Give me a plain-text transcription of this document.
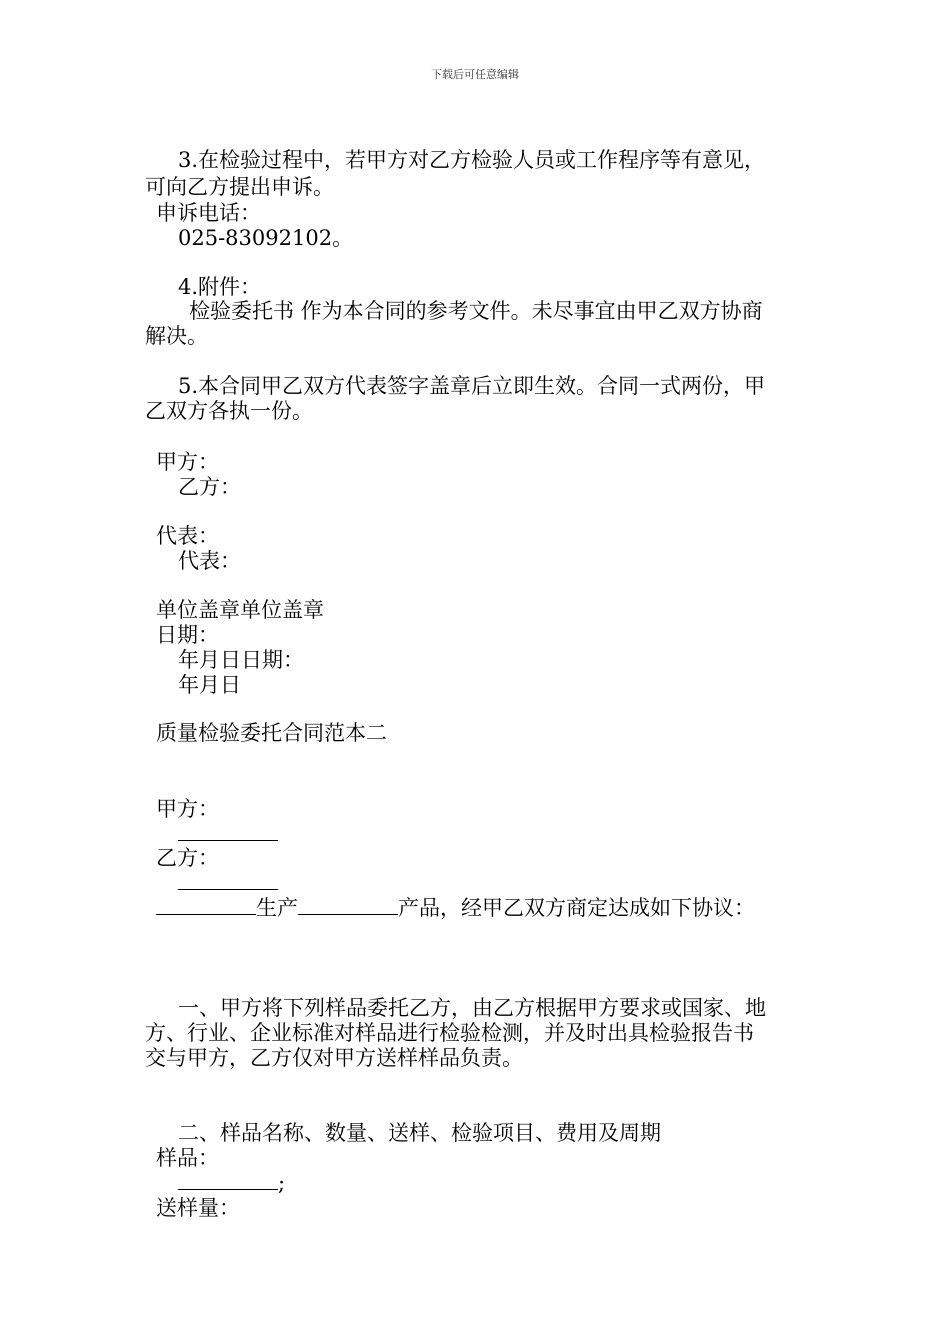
下载后可任意编辑
3.在检验过程中，若甲方对乙方检验人员或工作程序等有意见，
可向乙方提出申诉。
申诉电话：
025-83092102。
4.附件：
检验委托书 作为本合同的参考文件。未尽事宜由甲乙双方协商
解决。
5.本合同甲乙双方代表签字盖章后立即生效。合同一式两份，甲
乙双方各执一份。
甲方：
乙方：
代表：
代表：
单位盖章单位盖章
日期：
年月日日期：
年月日
质量检验委托合同范本二
甲方：
乙方：
生产	产品，经甲乙双方商定达成如下协议：
一、甲方将下列样品委托乙方，由乙方根据甲方要求或国家、地
方、行业、企业标准对样品进行检验检测，并及时出具检验报告书
交与甲方，乙方仅对甲方送样样品负责。
二、样品名称、数量、送样、检验项目、费用及周期
样品：
;
送样量：
